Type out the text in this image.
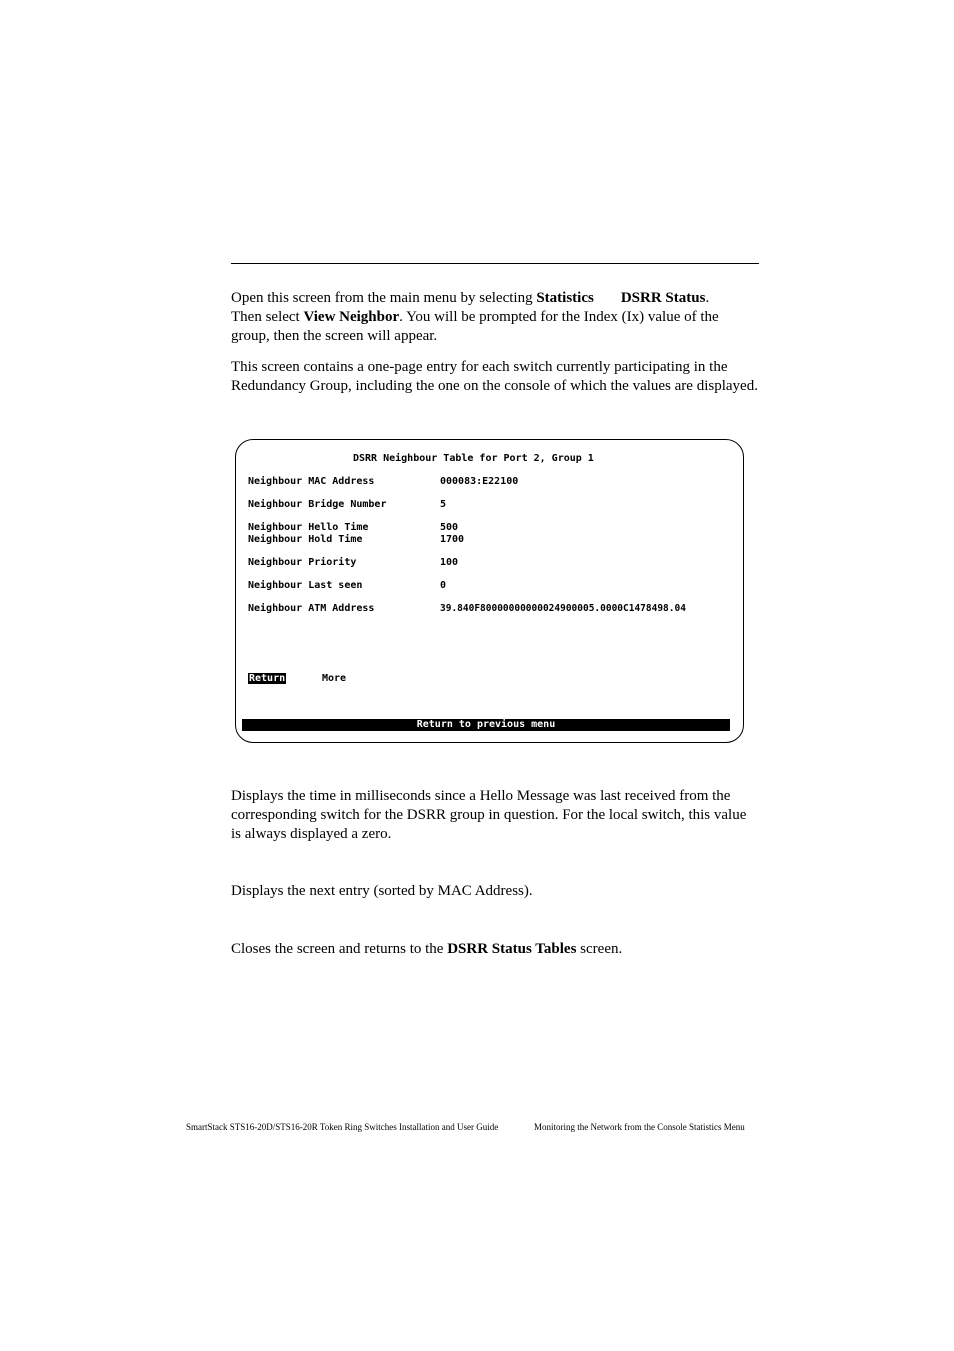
Open this screen from the main menu by selecting Statistics DSRR Status.
Then select View Neighbor. You will be prompted for the Index (Ix) value of the group, then the screen will appear.

This screen contains a one-page entry for each switch currently participating in the Redundancy Group, including the one on the console of which the values are displayed.

DSRR Neighbour Table for Port 2, Group 1
Neighbour MAC Address	000083:E22100
Neighbour Bridge Number	5
Neighbour Hello Time	500
Neighbour Hold Time	1700
Neighbour Priority	100
Neighbour Last seen	0
Neighbour ATM Address	39.840F80000000000024900005.0000C1478498.04
Return	More
Return to previous menu

Displays the time in milliseconds since a Hello Message was last received from the corresponding switch for the DSRR group in question. For the local switch, this value is always displayed a zero.

Displays the next entry (sorted by MAC Address).

Closes the screen and returns to the DSRR Status Tables screen.

SmartStack STS16-20D/STS16-20R Token Ring Switches Installation and User Guide	Monitoring the Network from the Console Statistics Menu
